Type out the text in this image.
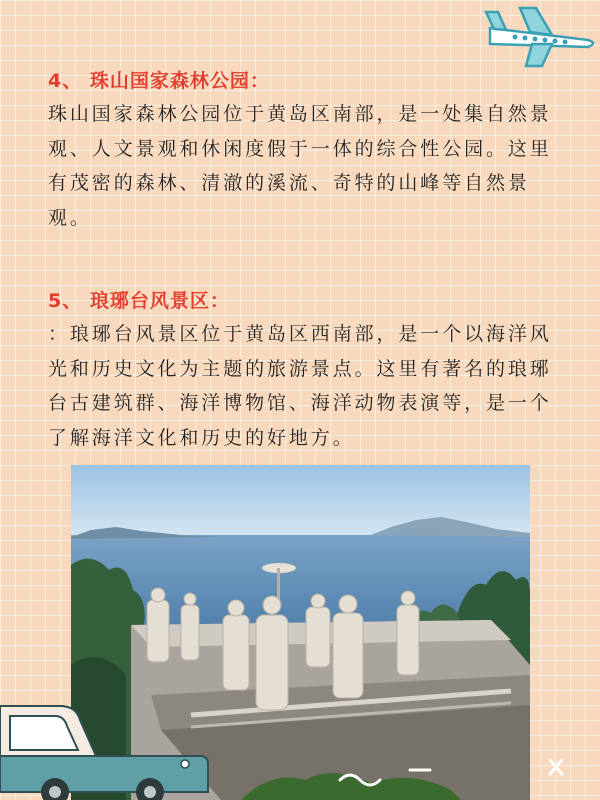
4、 珠山国家森林公园：
珠山国家森林公园位于黄岛区南部，是一处集自然景观、人文景观和休闲度假于一体的综合性公园。这里有茂密的森林、清澈的溪流、奇特的山峰等自然景观。
5、 琅琊台风景区：
：琅琊台风景区位于黄岛区西南部，是一个以海洋风光和历史文化为主题的旅游景点。这里有著名的琅琊台古建筑群、海洋博物馆、海洋动物表演等，是一个了解海洋文化和历史的好地方。
